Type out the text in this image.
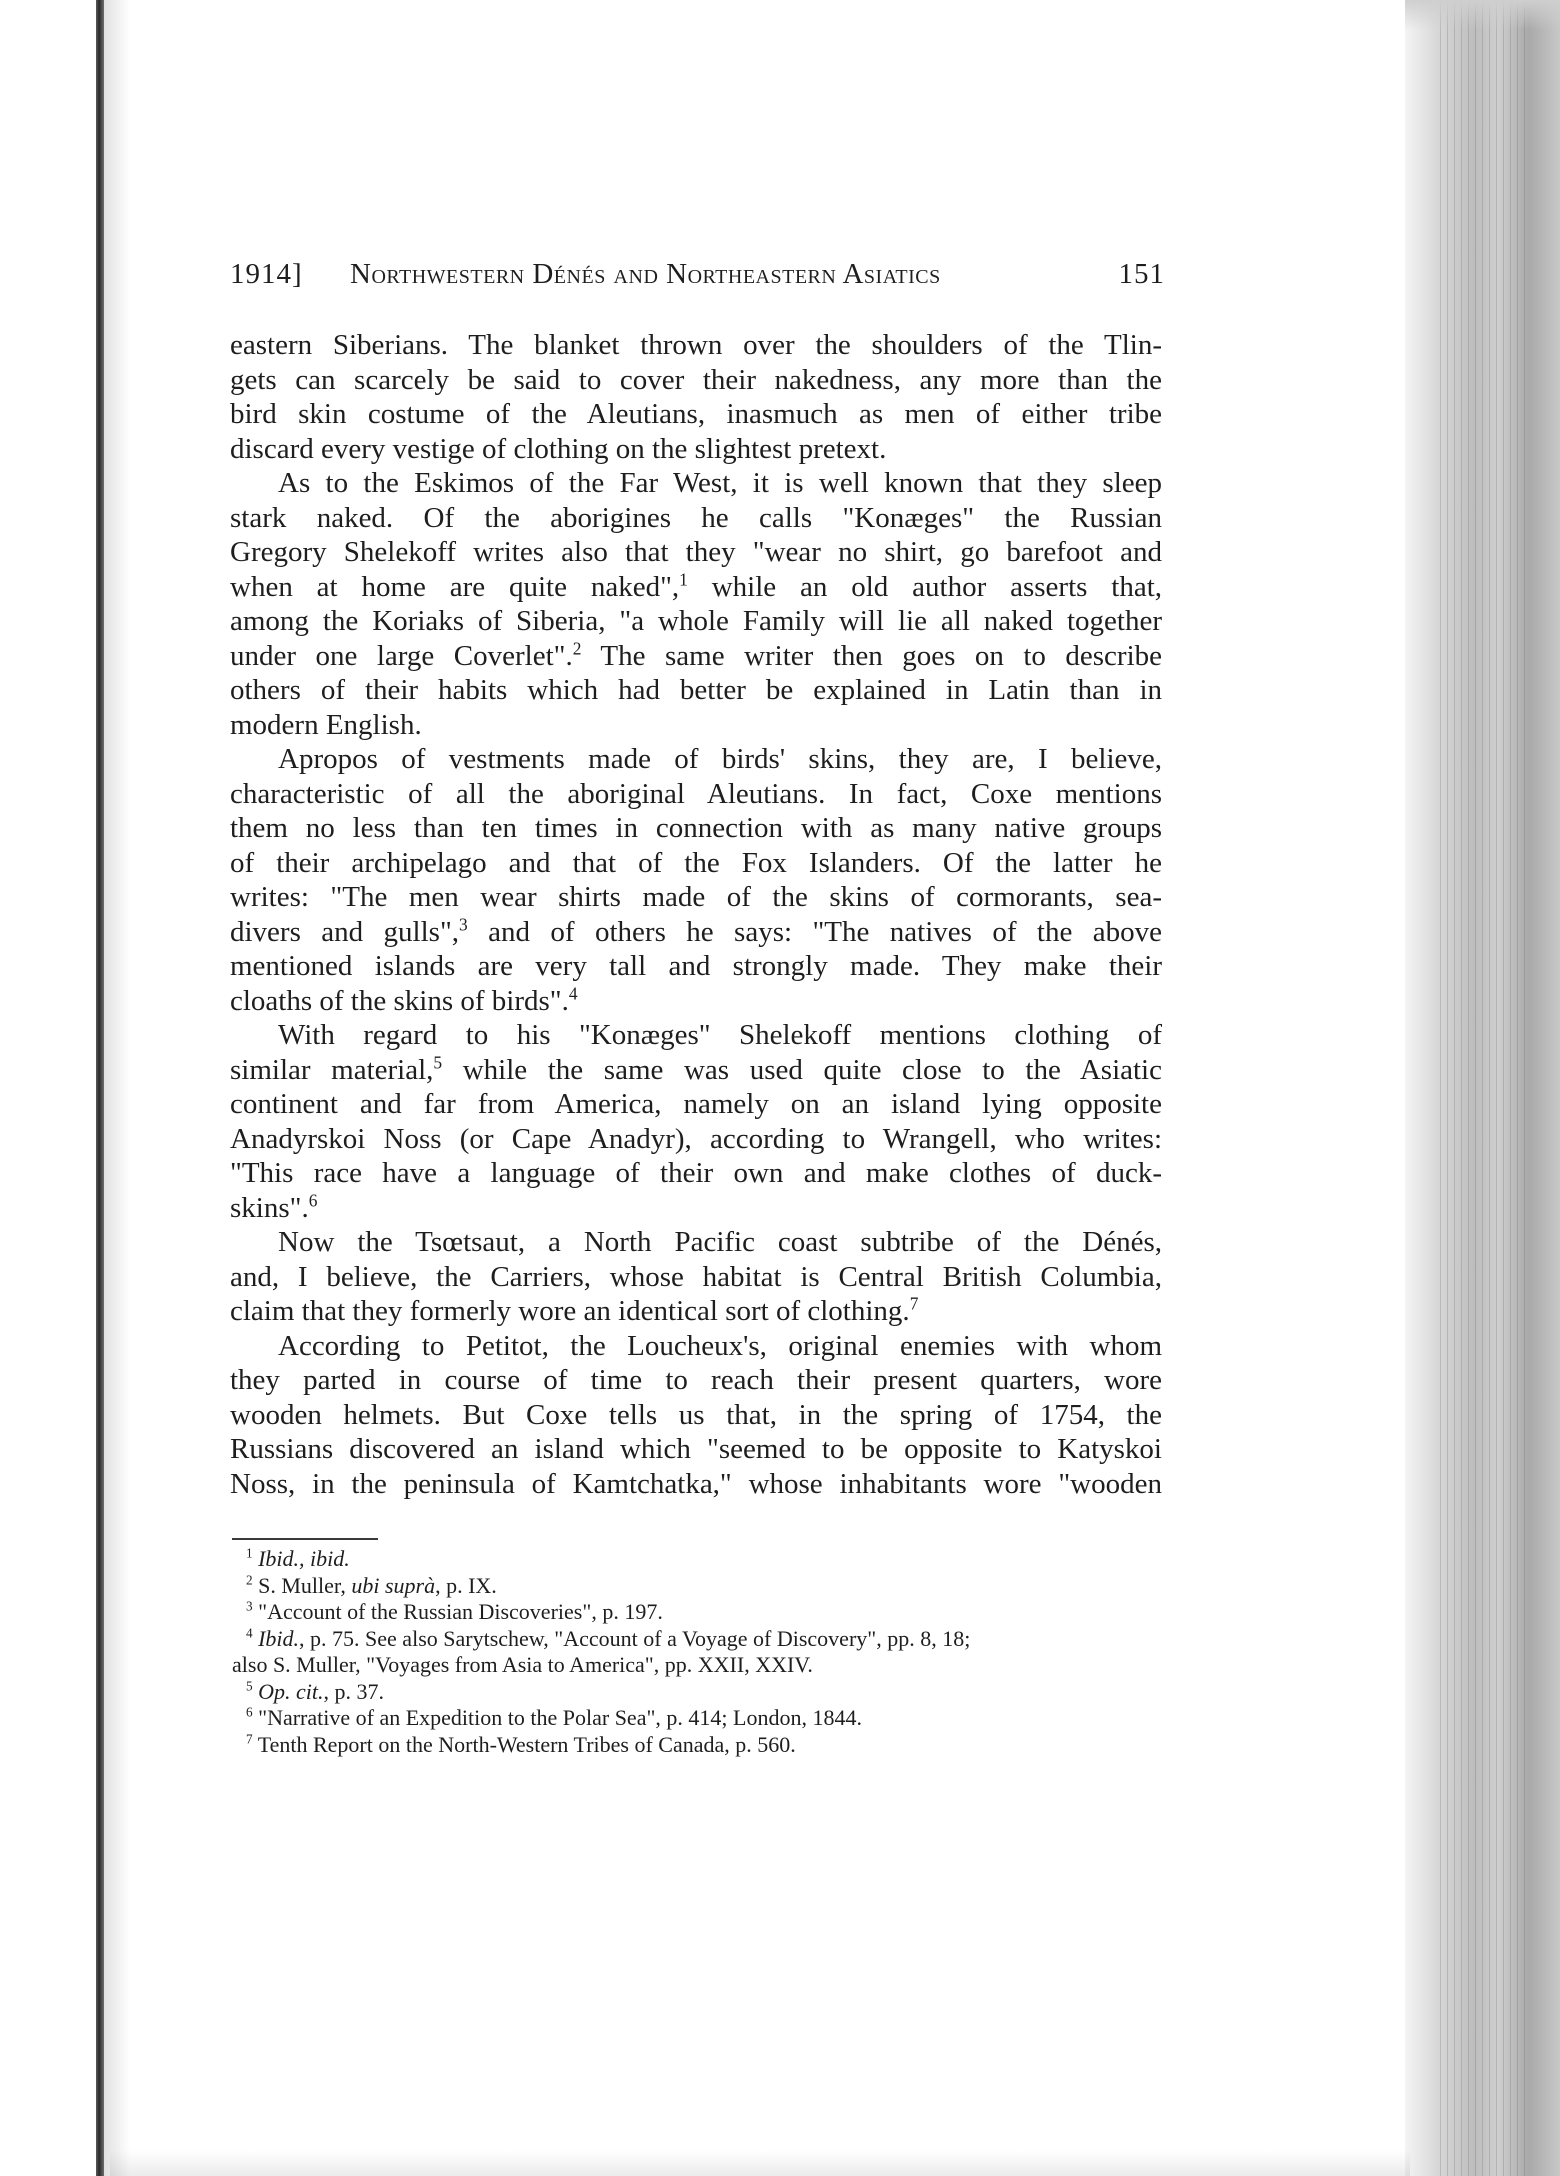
1914] Northwestern Dénés and Northeastern Asiatics	151
eastern Siberians. The blanket thrown over the shoulders of the Tlin-
gets can scarcely be said to cover their nakedness, any more than the
bird skin costume of the Aleutians, inasmuch as men of either tribe
discard every vestige of clothing on the slightest pretext.
As to the Eskimos of the Far West, it is well known that they sleep
stark naked. Of the aborigines he calls "Konæges" the Russian
Gregory Shelekoff writes also that they "wear no shirt, go barefoot and
when at home are quite naked",$^1$ while an old author asserts that,
among the Koriaks of Siberia, "a whole Family will lie all naked together
under one large Coverlet".$^2$ The same writer then goes on to describe
others of their habits which had better be explained in Latin than in
modern English.
Apropos of vestments made of birds' skins, they are, I believe,
characteristic of all the aboriginal Aleutians. In fact, Coxe mentions
them no less than ten times in connection with as many native groups
of their archipelago and that of the Fox Islanders. Of the latter he
writes: "The men wear shirts made of the skins of cormorants, sea-
divers and gulls",$^3$ and of others he says: "The natives of the above
mentioned islands are very tall and strongly made. They make their
cloaths of the skins of birds".$^4$
With regard to his "Konæges" Shelekoff mentions clothing of
similar material,$^5$ while the same was used quite close to the Asiatic
continent and far from America, namely on an island lying opposite
Anadyrskoi Noss (or Cape Anadyr), according to Wrangell, who writes:
"This race have a language of their own and make clothes of duck-
skins".$^6$
Now the Tsœtsaut, a North Pacific coast subtribe of the Dénés,
and, I believe, the Carriers, whose habitat is Central British Columbia,
claim that they formerly wore an identical sort of clothing.$^7$
According to Petitot, the Loucheux's, original enemies with whom
they parted in course of time to reach their present quarters, wore
wooden helmets. But Coxe tells us that, in the spring of 1754, the
Russians discovered an island which "seemed to be opposite to Katyskoi
Noss, in the peninsula of Kamtchatka," whose inhabitants wore "wooden
$^1$ Ibid., ibid.
$^2$ S. Muller, ubi suprà, p. IX.
$^3$ "Account of the Russian Discoveries", p. 197.
$^4$ Ibid., p. 75. See also Sarytschew, "Account of a Voyage of Discovery", pp. 8, 18;
also S. Muller, "Voyages from Asia to America", pp. XXII, XXIV.
$^5$ Op. cit., p. 37.
$^6$ "Narrative of an Expedition to the Polar Sea", p. 414; London, 1844.
$^7$ Tenth Report on the North-Western Tribes of Canada, p. 560.
